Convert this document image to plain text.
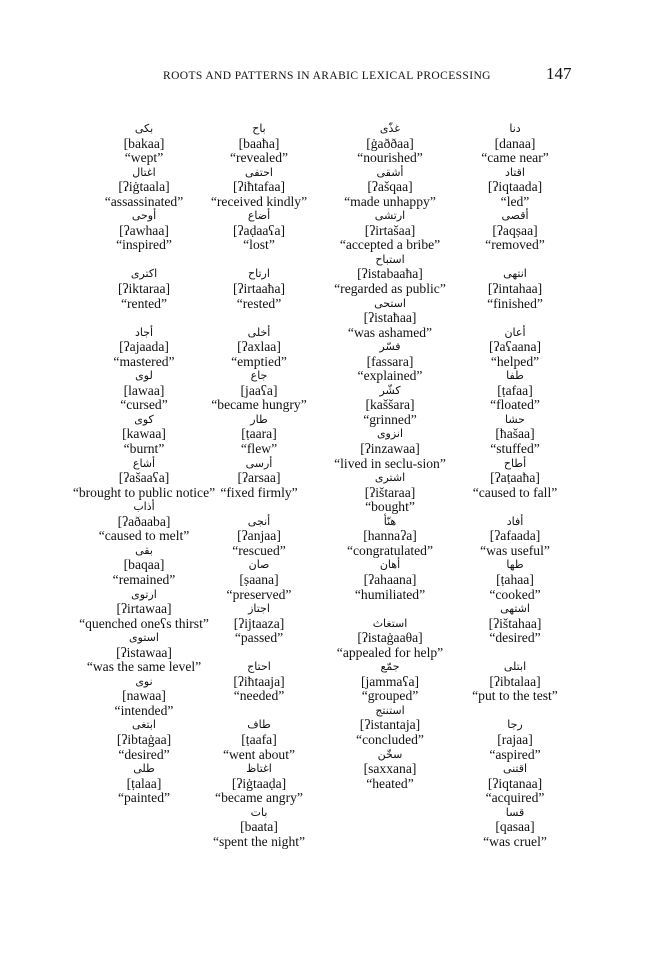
ROOTS AND PATTERNS IN ARABIC LEXICAL PROCESSING	147
بكى
[bakaa]
“wept”
اغتال
[ʔiġtaala]
“assassinated”
أوحى
[ʔawhaa]
“inspired”
اكترى
[ʔiktaraa]
“rented”
أجاد
[ʔajaada]
“mastered”
لوى
[lawaa]
“cursed”
كوى
[kawaa]
“burnt”
أشاع
[ʔašaaʕa]
“brought to public notice”
أذاب
[ʔaðaaba]
“caused to melt”
بقى
[baqaa]
“remained”
ارتوى
[ʔirtawaa]
“quenched oneʕs thirst”
استوى
[ʔistawaa]
“was the same level”
نوى
[nawaa]
“intended”
ابتغى
[ʔibtaġaa]
“desired”
طلى
[ṭalaa]
“painted”
باح
[baaħa]
“revealed”
احتفى
[ʔiħtafaa]
“received kindly”
أضاع
[ʔaḍaaʕa]
“lost”
ارتاح
[ʔirtaaħa]
“rested”
أخلى
[ʔaxlaa]
“emptied”
جاع
[jaaʕa]
“became hungry”
طار
[ṭaara]
“flew”
أرسى
[ʔarsaa]
“fixed firmly”
أنجى
[ʔanjaa]
“rescued”
صان
[ṣaana]
“preserved”
اجتاز
[ʔijtaaza]
“passed”
احتاج
[ʔiħtaaja]
“needed”
طاف
[ṭaafa]
“went about”
اغتاظ
[ʔiġtaaḍa]
“became angry”
بات
[baata]
“spent the night”
غذّى
[ġaððaa]
“nourished”
أشقى
[ʔašqaa]
“made unhappy”
ارتشى
[ʔirtašaa]
“accepted a bribe”
استباح
[ʔistabaaħa]
“regarded as public”
استحى
[ʔistaħaa]
“was ashamed”
فسّر
[fassara]
“explained”
كشّر
[kaššara]
“grinned”
انزوى
[ʔinzawaa]
“lived in seclu-sion”
اشترى
[ʔištaraa]
“bought”
هنّأ
[hannaʔa]
“congratulated”
أهان
[ʔahaana]
“humiliated”
استغاث
[ʔistaġaaθa]
“appealed for help”
جمّع
[jammaʕa]
“grouped”
استنتج
[ʔistantaja]
“concluded”
سخّن
[saxxana]
“heated”
دنا
[danaa]
“came near”
اقتاد
[ʔiqtaada]
“led”
أقصى
[ʔaqṣaa]
“removed”
انتهى
[ʔintahaa]
“finished”
أعان
[ʔaʕaana]
“helped”
طفا
[ṭafaa]
“floated”
حشا
[ħašaa]
“stuffed”
أطاح
[ʔaṭaaħa]
“caused to fall”
أفاد
[ʔafaada]
“was useful”
طها
[ṭahaa]
“cooked”
اشتهى
[ʔištahaa]
“desired”
ابتلى
[ʔibtalaa]
“put to the test”
رجا
[rajaa]
“aspired”
اقتنى
[ʔiqtanaa]
“acquired”
قسا
[qasaa]
“was cruel”
